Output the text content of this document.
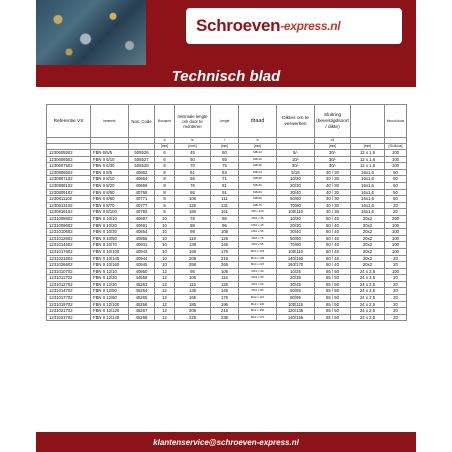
Schroeven -express.nl
Technisch blad
Referentie VS	kenmerk	Nos. Code	Boorpunt	minimale lengte om door te monteren	Lengte	draad	Diktes om te verwerken	Sluitring (bevestigdsoort / dikte)		Inhoud doos
			d	ls	l	b		d1		
			[mm]	[mm²]	[mm]	[mm]		[mm]	[mm]	[St./doos]
1230605502	FBN 6/5/5	505526	6	45	50	M8x12	5/-	30/-	12 x 1,6	100
1230606502	FBN II 6/10	505527	6	50	55	M8x16	10/-	30/-	12 x 1,6	100
1230607502	FBN II 6/30	505528	6	70	75	M8x30	30/-	30/-	12 x 1,6	100
1230806502	FBN II 8/5	40662	8	61	63	M8x14	5/15	40 / 30	16x1,6	50
1230807102	FBN II 8/10	40664	8	66	71	M8x20	10/20	40 / 30	16x1,6	50
1230808102	FBN II 8/20	40669	8	76	81	M8x30	20/30	40 / 30	16x1,6	50
1230809102	FBN II 8/50	40768	8	86	91	M8x40	30/40	40 / 30	16x1,6	50
1230811102	FBN II 8/60	40771	8	106	111	M8x60	50/60	40 / 30	16x1,6	50
1230813102	FBN II 8/70	40777	8	126	131	M8x70	70/80	40 / 30	16x1,6	20
1230816102	FBN II 8/100	40783	8	156	161	M8 x 120	100/110	40 / 30	16x1,6	20
1231008602	FBN II 10/10	40687	10	78	86	M10 x 35	10/20	50 / 40	20x2	250
1231009602	FBN II 10/20	40691	10	88	96	M10 x 45	20/30	50 / 40	20x2	100
1231010602	FBN II 10/30	40854	10	98	106	M10 x 55	30/40	50 / 40	20x2	100
1231012602	FBN II 10/50	40855	10	118	126	M10 x 75	50/60	50 / 40	20x2	100
1231014602	FBN II 10/70	40931	10	138	146	M10 x 95	70/80	50 / 40	20x2	100
1231017602	FBN II 10/100	40943	10	168	176	M10 x 125	100/110	50 / 40	20x2	100
1231021602	FBN II 10/140	40944	10	208	216	M10 x 165	140/150	50 / 40	20x2	20
1231026602	FBN II 10/160	40945	10	258	266	M10 x 215	160/170	50 / 40	20x2	20
1231010702	FBN II 12/10	40950	12	95	106	M12 x 40	10/25	65 / 50	24 x 2,5	100
1231011702	FBN II 12/20	44558	12	105	116	M12 x 50	20/35	65 / 50	24 x 2,5	20
1231012702	FBN II 12/30	45263	12	115	126	M12 x 60	30/45	65 / 50	24 x 2,5	20
1231014702	FBN II 12/50	45264	12	135	146	M12 x 80	50/65	65 / 50	24 x 2,5	20
1231017702	FBN II 12/80	45265	12	165	176	M12 x 110	80/95	65 / 50	24 x 2,5	20
1231019702	FBN II 12/100	45266	12	185	196	M12 x 130	100/115	65 / 50	24 x 2,5	20
1231021702	FBN II 12/120	45267	12	205	216	M12 x 150	120/135	65 / 50	24 x 2,5	20
1231023702	FBN II 12/140	45268	12	225	236	M12 x 170	140/155	65 / 50	24 x 2,5	20
klantenservice@schroeven-express.nl
